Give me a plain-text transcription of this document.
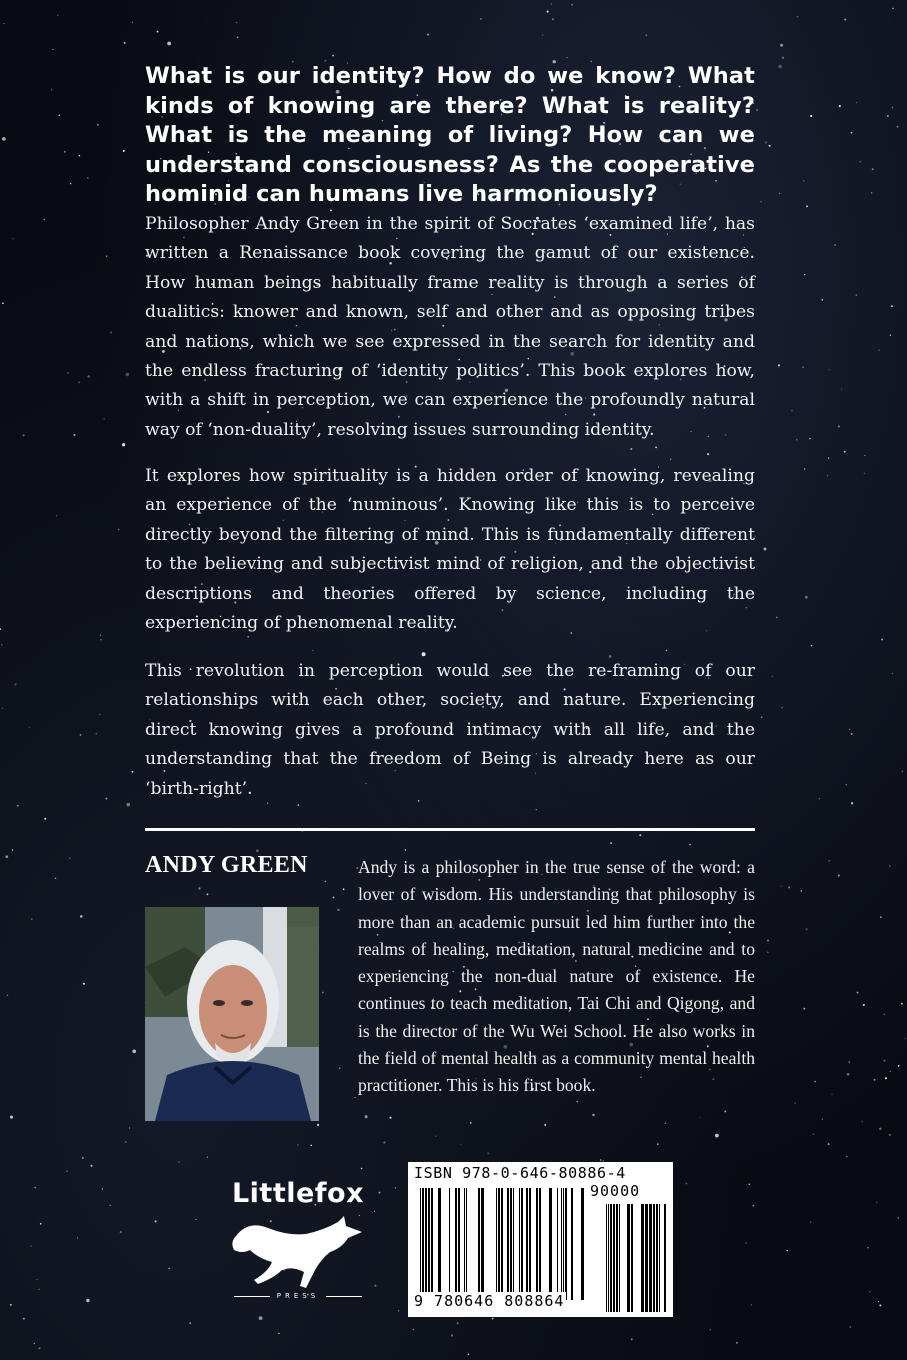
What is our identity? How do we know? What kinds of knowing are there? What is reality? What is the meaning of living? How can we understand consciousness? As the cooperative hominid can humans live harmoniously?
Philosopher Andy Green in the spirit of Socrates ‘examined life’, has written a Renaissance book covering the gamut of our existence. How human beings habitually frame reality is through a series of dualitics: knower and known, self and other and as opposing tribes and nations, which we see expressed in the search for identity and the endless fracturing of ‘identity politics’. This book explores how, with a shift in perception, we can experience the profoundly natural way of ‘non-duality’, resolving issues surrounding identity.
It explores how spirituality is a hidden order of knowing, revealing an experience of the ‘numinous’. Knowing like this is to perceive directly beyond the filtering of mind. This is fundamentally different to the believing and subjectivist mind of religion, and the objectivist descriptions and theories offered by science, including the experiencing of phenomenal reality.
This revolution in perception would see the re-framing of our relationships with each other, society, and nature. Experiencing direct knowing gives a profound intimacy with all life, and the understanding that the freedom of Being is already here as our ‘birth-right’.
ANDY GREEN	Andy is a philosopher in the true sense of the word: a lover of wisdom. His understanding that philosophy is more than an academic pursuit led him further into the realms of healing, meditation, natural medicine and to experiencing the non-dual nature of existence. He continues to teach meditation, Tai Chi and Qigong, and is the director of the Wu Wei School. He also works in the field of mental health as a community mental health practitioner. This is his first book.
Littlefox
PRESS
ISBN 978-0-646-80886-4
90000
9 780646 808864
